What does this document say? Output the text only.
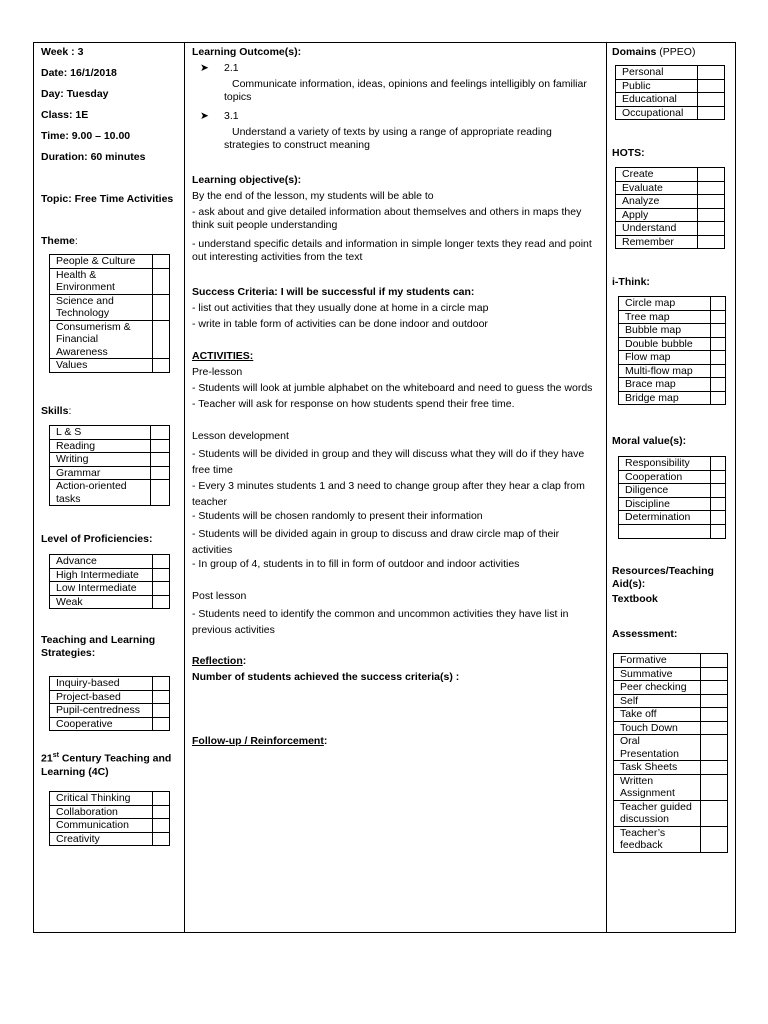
Week : 3
Date: 16/1/2018
Day: Tuesday
Class: 1E
Time: 9.00 – 10.00
Duration: 60 minutes
Topic: Free Time Activities
Theme:
People & Culture	
Health & Environment	
Science and Technology	
Consumerism & Financial Awareness	
Values	
Skills:
L & S	
Reading	
Writing	
Grammar	
Action-oriented tasks	
Level of Proficiencies:
Advance	
High Intermediate	
Low Intermediate	
Weak	
Teaching and Learning Strategies:
Inquiry-based	
Project-based	
Pupil-centredness	
Cooperative	
21st Century Teaching and Learning (4C)
Critical Thinking	
Collaboration	
Communication	
Creativity	
Learning Outcome(s):
➤ 2.1
Communicate information, ideas, opinions and feelings intelligibly on familiar topics
➤ 3.1
Understand a variety of texts by using a range of appropriate reading strategies to construct meaning
Learning objective(s):
By the end of the lesson, my students will be able to
- ask about and give detailed information about themselves and others in maps they think suit people understanding
- understand specific details and information in simple longer texts they read and point out interesting activities from the text
Success Criteria: I will be successful if my students can:
- list out activities that they usually done at home in a circle map
- write in table form of activities can be done indoor and outdoor
ACTIVITIES:
Pre-lesson
- Students will look at jumble alphabet on the whiteboard and need to guess the words
- Teacher will ask for response on how students spend their free time.
Lesson development
- Students will be divided in group and they will discuss what they will do if they have free time
- Every 3 minutes students 1 and 3 need to change group after they hear a clap from teacher
- Students will be chosen randomly to present their information
- Students will be divided again in group to discuss and draw circle map of their activities
- In group of 4, students in to fill in form of outdoor and indoor activities
Post lesson
- Students need to identify the common and uncommon activities they have list in previous activities
Reflection:
Number of students achieved the success criteria(s) :
Follow-up / Reinforcement:
Domains (PPEO)
Personal	
Public	
Educational	
Occupational	
HOTS:
Create	
Evaluate	
Analyze	
Apply	
Understand	
Remember	
i-Think:
Circle map	
Tree map	
Bubble map	
Double bubble	
Flow map	
Multi-flow map	
Brace map	
Bridge map	
Moral value(s):
Responsibility	
Cooperation	
Diligence	
Discipline	
Determination	

Resources/Teaching Aid(s):
Textbook
Assessment:
Formative	
Summative	
Peer checking	
Self	
Take off	
Touch Down	
Oral Presentation	
Task Sheets	
Written Assignment	
Teacher guided discussion	
Teacher’s feedback	
